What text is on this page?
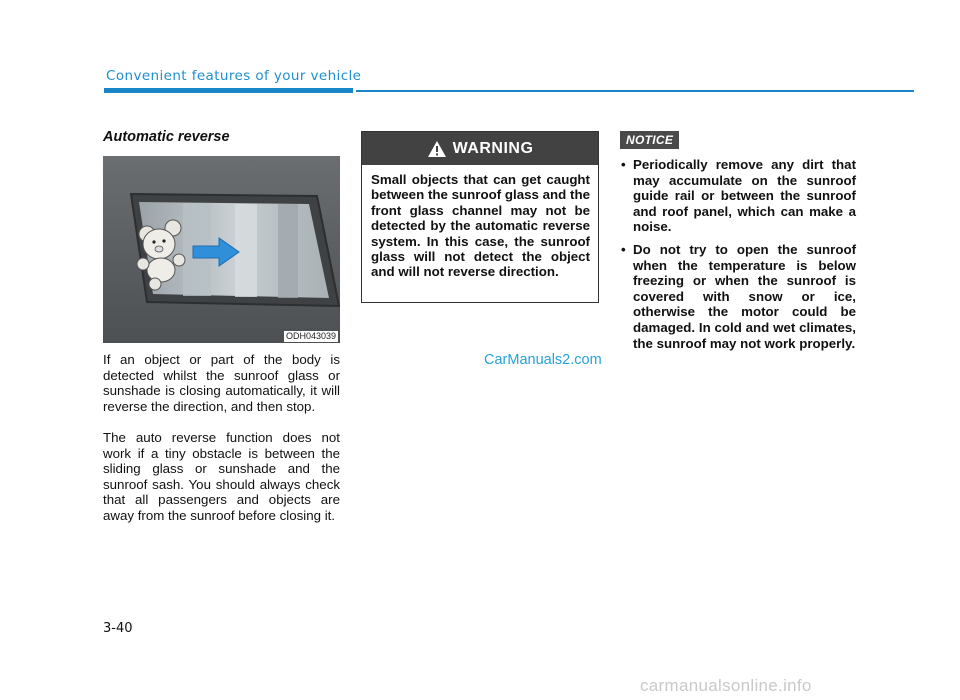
Convenient features of your vehicle
Automatic reverse
ODH043039
If an object or part of the body is detected whilst the sunroof glass or sunshade is closing automatically, it will reverse the direction, and then stop.
The auto reverse function does not work if a tiny obstacle is between the sliding glass or sunshade and the sunroof sash. You should always check that all passengers and objects are away from the sunroof before closing it.
WARNING
Small objects that can get caught between the sunroof glass and the front glass channel may not be detected by the automatic reverse system. In this case, the sunroof glass will not detect the object and will not reverse direction.
NOTICE
• Periodically remove any dirt that may accumulate on the sunroof guide rail or between the sunroof and roof panel, which can make a noise.
• Do not try to open the sunroof when the temperature is below freezing or when the sunroof is covered with snow or ice, otherwise the motor could be damaged. In cold and wet climates, the sunroof may not work properly.
CarManuals2.com
3-40
carmanualsonline.info
